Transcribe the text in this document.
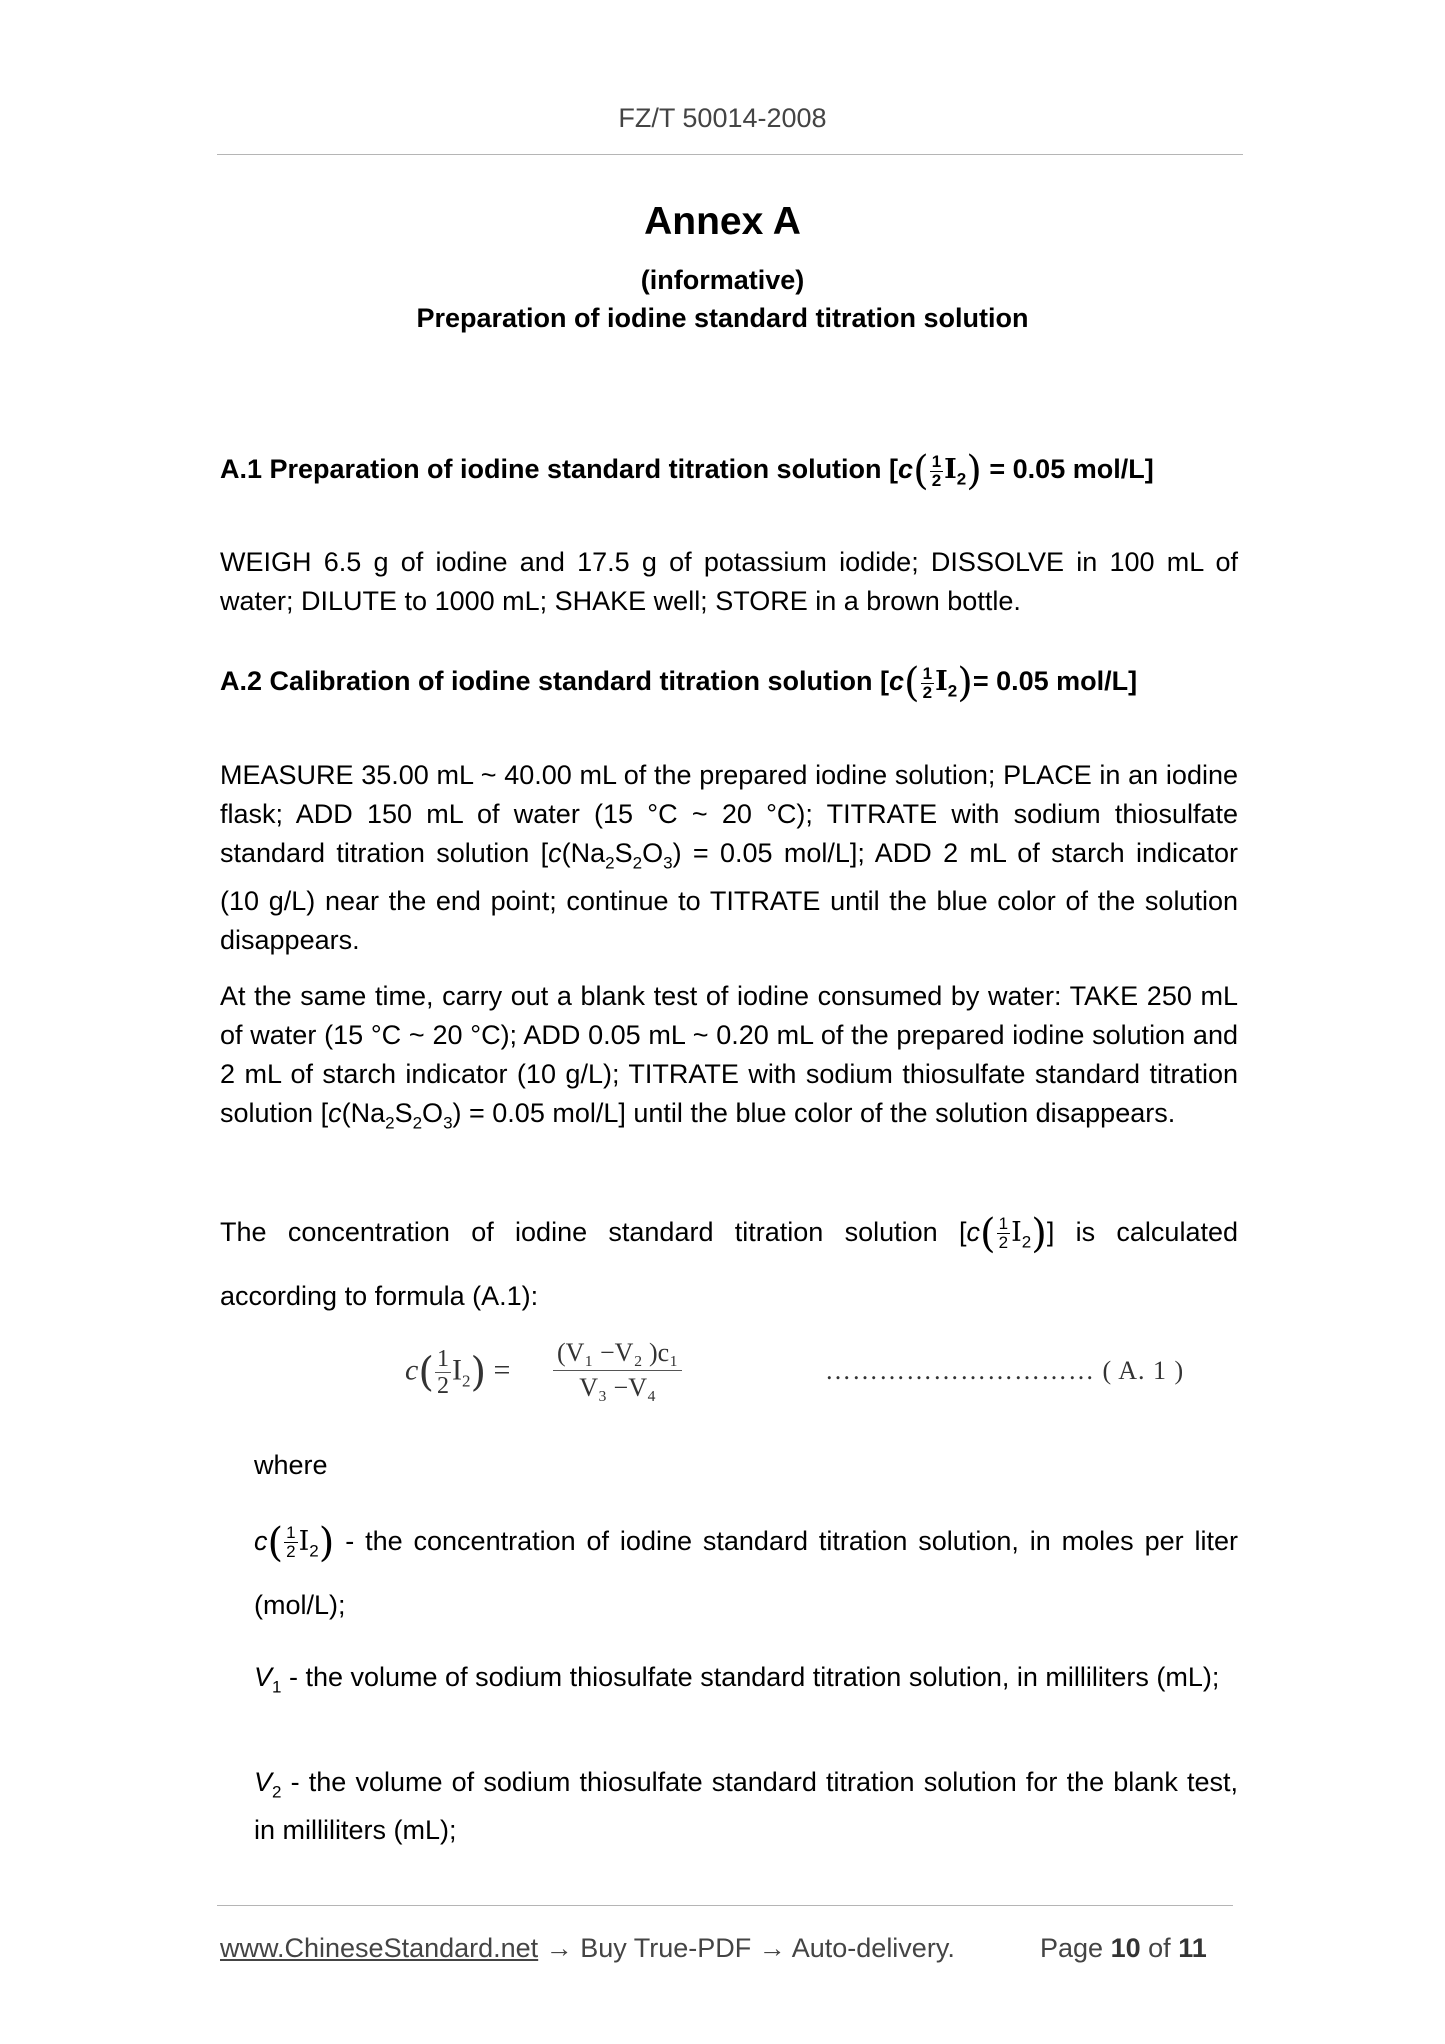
FZ/T 50014-2008
Annex A
(informative)
Preparation of iodine standard titration solution
A.1 Preparation of iodine standard titration solution [$c( \frac{1}{2} I_2) = 0.05$ mol/L]
WEIGH 6.5 g of iodine and 17.5 g of potassium iodide; DISSOLVE in 100 mL of water; DILUTE to 1000 mL; SHAKE well; STORE in a brown bottle.
A.2 Calibration of iodine standard titration solution [$c( \frac{1}{2} I_2)= 0.05$ mol/L]
MEASURE 35.00 mL ~ 40.00 mL of the prepared iodine solution; PLACE in an iodine flask; ADD 150 mL of water (15 °C ~ 20 °C); TITRATE with sodium thiosulfate standard titration solution [$c(Na_2S_2O_3) = 0.05$ mol/L]; ADD 2 mL of starch indicator (10 g/L) near the end point; continue to TITRATE until the blue color of the solution disappears.
At the same time, carry out a blank test of iodine consumed by water: TAKE 250 mL of water (15 °C ~ 20 °C); ADD 0.05 mL ~ 0.20 mL of the prepared iodine solution and 2 mL of starch indicator (10 g/L); TITRATE with sodium thiosulfate standard titration solution [$c(Na_2S_2O_3) = 0.05$ mol/L] until the blue color of the solution disappears.
The concentration of iodine standard titration solution $[c( \frac{1}{2} I_2)]$ is calculated according to formula (A.1):
$c( \frac{1}{2} I_2) = \frac{\text{(V₁ −V₂ )c₁}}{\text{V₃ −V₄}}$	………………………… ( A. 1 )
where
$c( \frac{1}{2} I_2)$ - the concentration of iodine standard titration solution, in moles per liter (mol/L);
$V_1$ - the volume of sodium thiosulfate standard titration solution, in milliliters (mL);
$V_2$ - the volume of sodium thiosulfate standard titration solution for the blank test, in milliliters (mL);
www.ChineseStandard.net → Buy True-PDF → Auto-delivery.	Page 10 of 11
